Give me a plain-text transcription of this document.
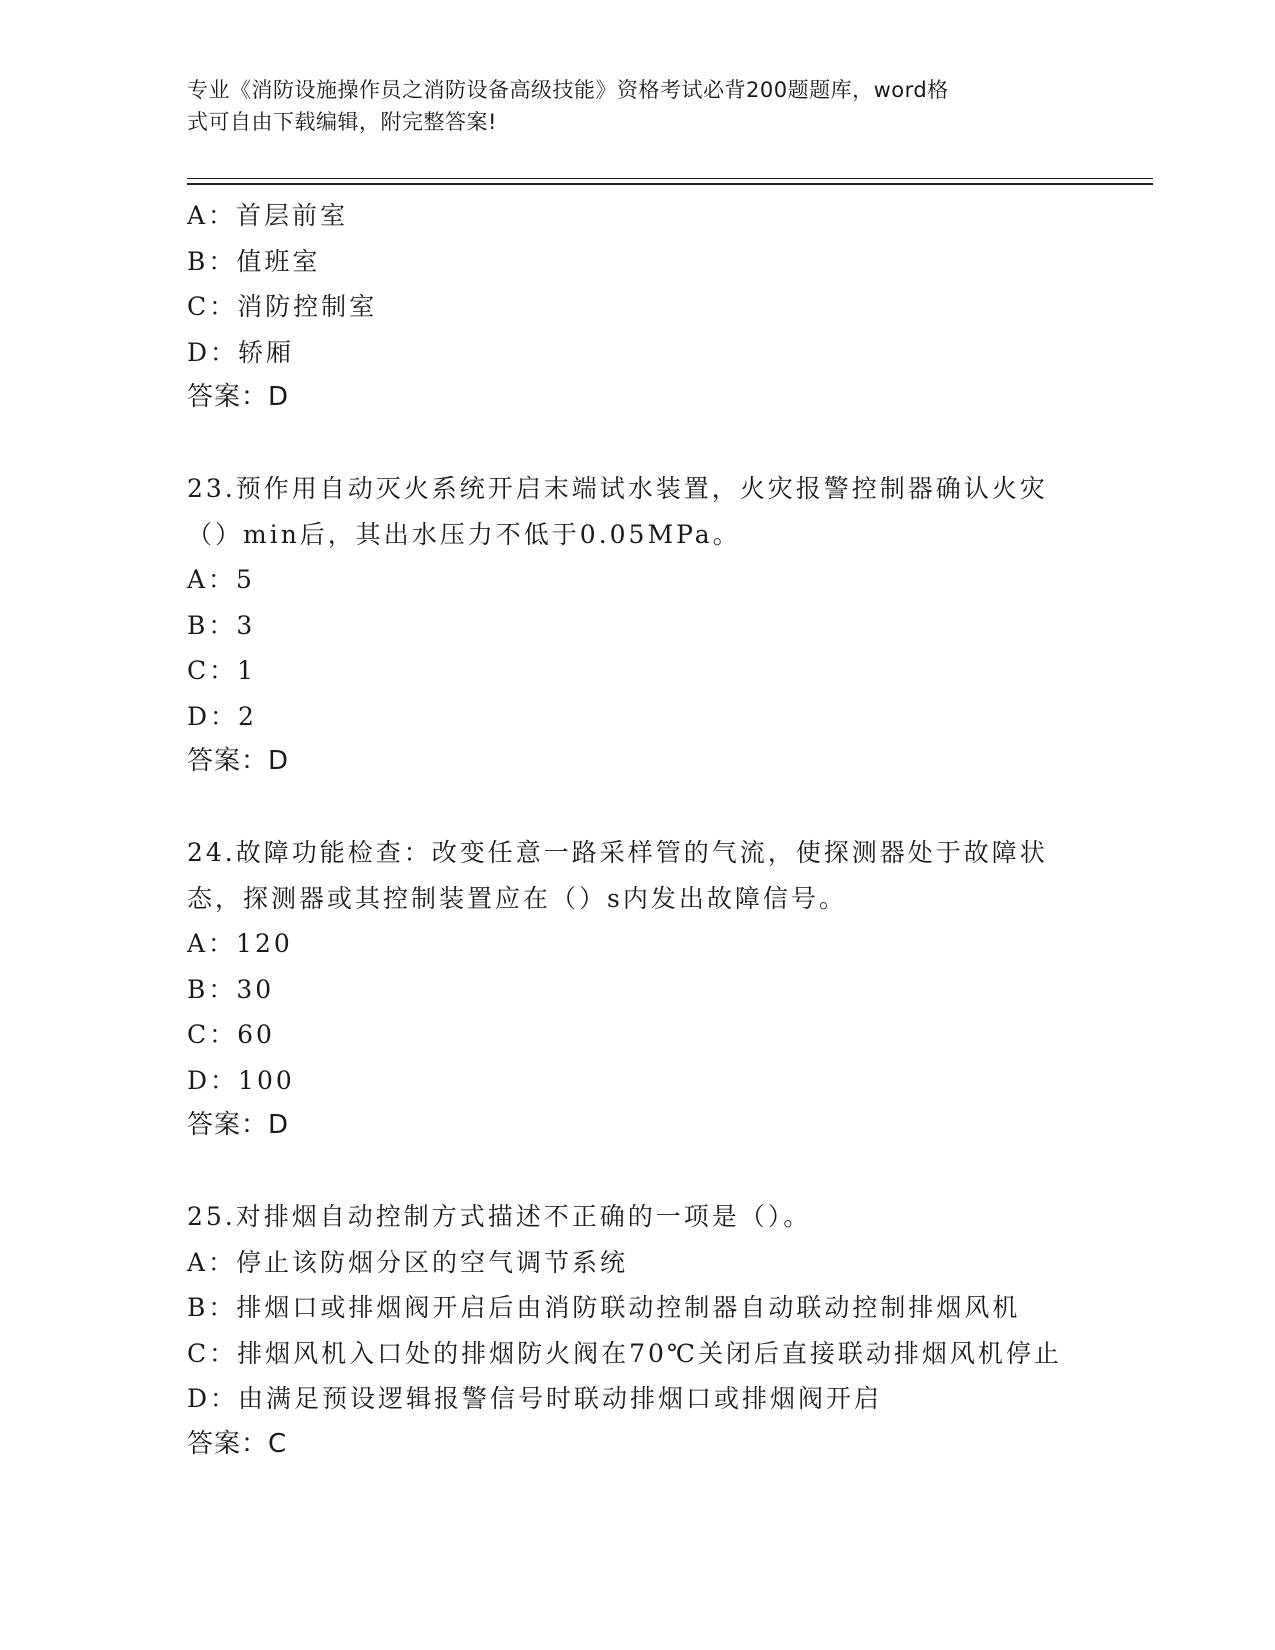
专业《消防设施操作员之消防设备高级技能》资格考试必背200题题库，word格
式可自由下载编辑，附完整答案!
A：首层前室
B：值班室
C：消防控制室
D：轿厢
答案：D
23.预作用自动灭火系统开启末端试水装置，火灾报警控制器确认火灾
（）min后，其出水压力不低于0.05MPa。
A：5
B：3
C：1
D：2
答案：D
24.故障功能检查：改变任意一路采样管的气流，使探测器处于故障状
态，探测器或其控制装置应在（）s内发出故障信号。
A：120
B：30
C：60
D：100
答案：D
25.对排烟自动控制方式描述不正确的一项是（）。
A：停止该防烟分区的空气调节系统
B：排烟口或排烟阀开启后由消防联动控制器自动联动控制排烟风机
C：排烟风机入口处的排烟防火阀在70℃关闭后直接联动排烟风机停止
D：由满足预设逻辑报警信号时联动排烟口或排烟阀开启
答案：C
